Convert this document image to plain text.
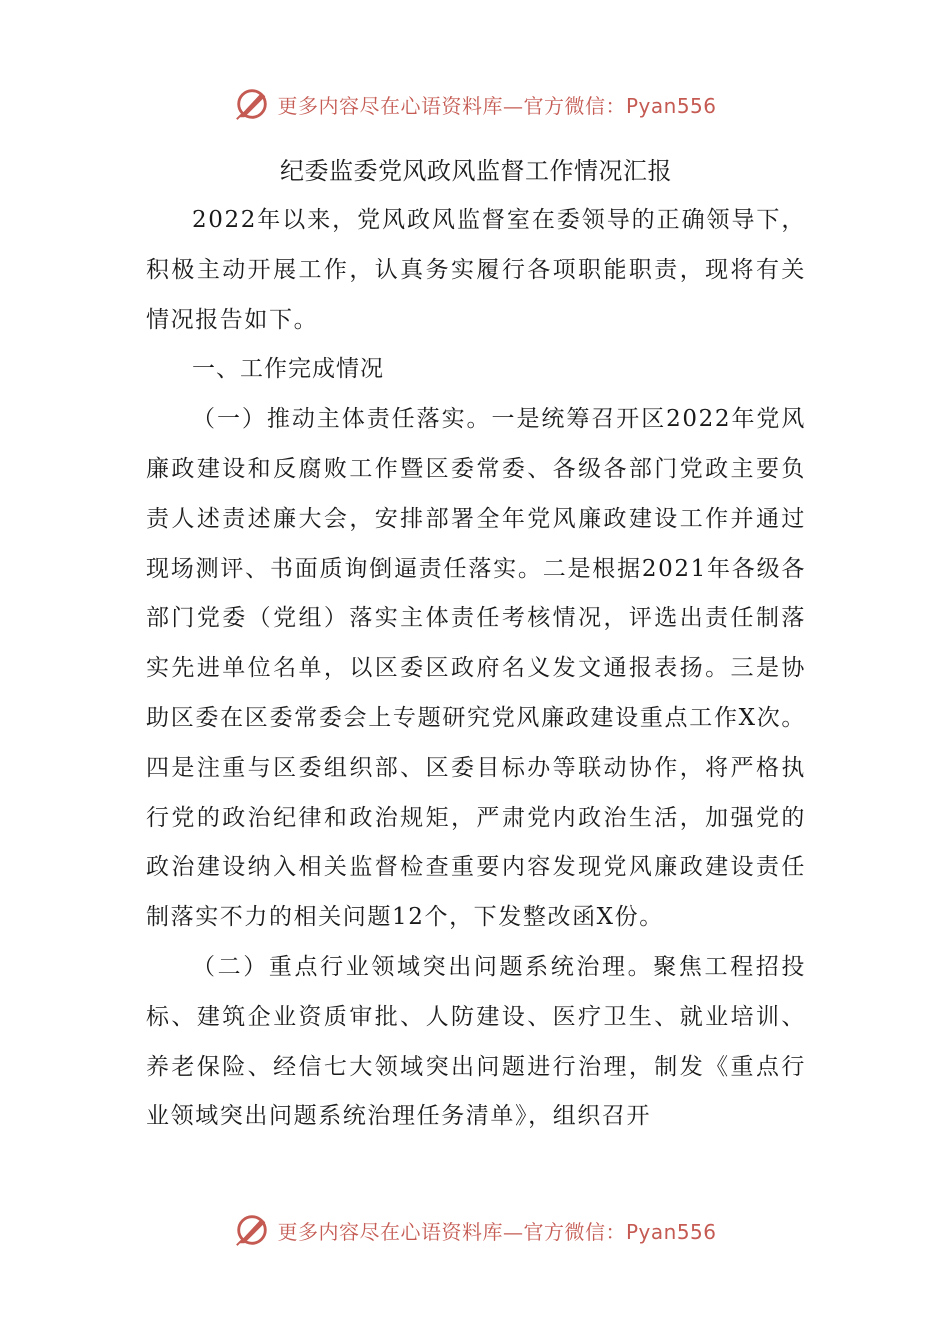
更多内容尽在心语资料库—官方微信：Pyan556
纪委监委党风政风监督工作情况汇报

2022年以来，党风政风监督室在委领导的正确领导下，积极主动开展工作，认真务实履行各项职能职责，现将有关情况报告如下。

一、工作完成情况

（一）推动主体责任落实。一是统筹召开区2022年党风廉政建设和反腐败工作暨区委常委、各级各部门党政主要负责人述责述廉大会，安排部署全年党风廉政建设工作并通过现场测评、书面质询倒逼责任落实。二是根据2021年各级各部门党委（党组）落实主体责任考核情况，评选出责任制落实先进单位名单，以区委区政府名义发文通报表扬。三是协助区委在区委常委会上专题研究党风廉政建设重点工作X次。四是注重与区委组织部、区委目标办等联动协作，将严格执行党的政治纪律和政治规矩，严肃党内政治生活，加强党的政治建设纳入相关监督检查重要内容发现党风廉政建设责任制落实不力的相关问题12个，下发整改函X份。

（二）重点行业领域突出问题系统治理。聚焦工程招投标、建筑企业资质审批、人防建设、医疗卫生、就业培训、养老保险、经信七大领域突出问题进行治理，制发《重点行业领域突出问题系统治理任务清单》，组织召开

更多内容尽在心语资料库—官方微信：Pyan556
